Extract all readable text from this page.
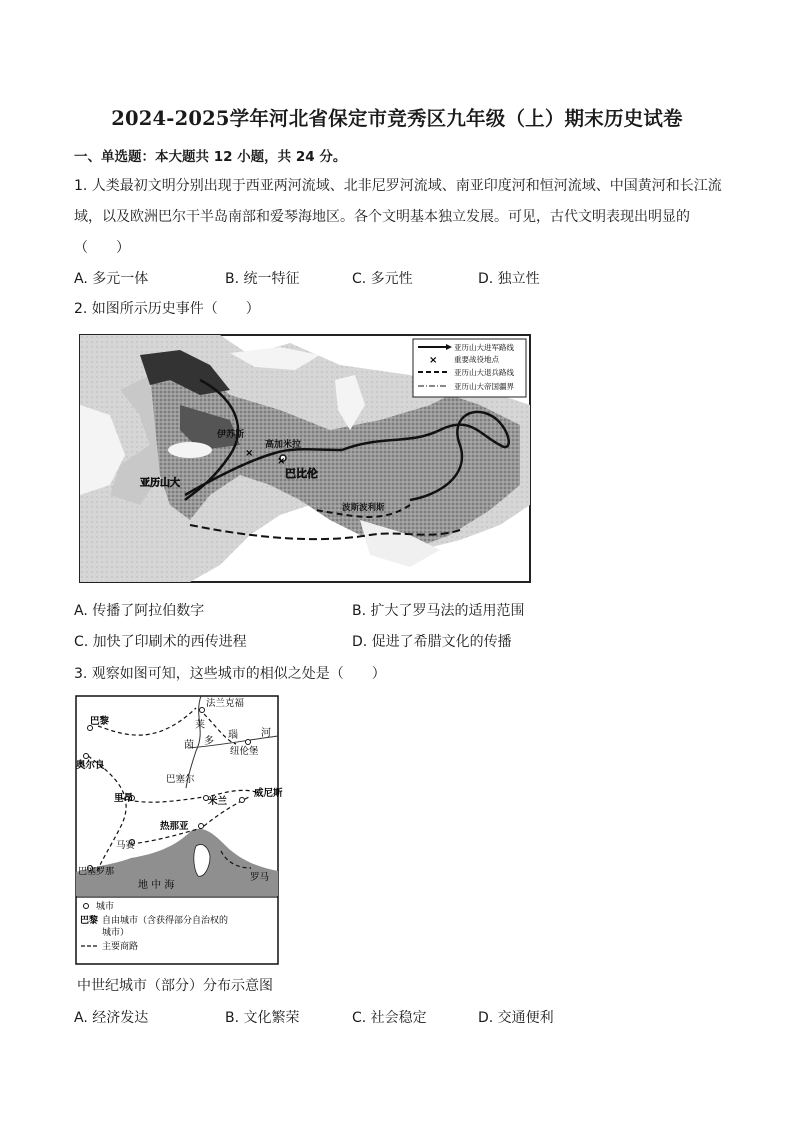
2024-2025学年河北省保定市竞秀区九年级（上）期末历史试卷
一、单选题：本大题共 12 小题，共 24 分。
1. 人类最初文明分别出现于西亚两河流域、北非尼罗河流域、南亚印度河和恒河流域、中国黄河和长江流
域，以及欧洲巴尔干半岛南部和爱琴海地区。各个文明基本独立发展。可见，古代文明表现出明显的
（　　）
A. 多元一体	B. 统一特征	C. 多元性	D. 独立性
2. 如图所示历史事件（　　）
亚历山大进军路线
× 重要战役地点
亚历山大退兵路线
亚历山大帝国疆界
伊苏斯
高加米拉
巴比伦
亚历山大
波斯波利斯
×
×
A. 传播了阿拉伯数字	B. 扩大了罗马法的适用范围
C. 加快了印刷术的西传进程	D. 促进了希腊文化的传播
3. 观察如图可知，这些城市的相似之处是（　　）
法兰克福
巴黎
奥尔良
里昂	米兰
威尼斯
热那亚
马赛
巴塞罗那	罗马
纽伦堡
莱
茵 多
瑙 河
巴塞尔
地 中 海
城市
巴黎 自由城市（含获得部分自治权的
城市）
主要商路
中世纪城市（部分）分布示意图
A. 经济发达	B. 文化繁荣	C. 社会稳定	D. 交通便利
